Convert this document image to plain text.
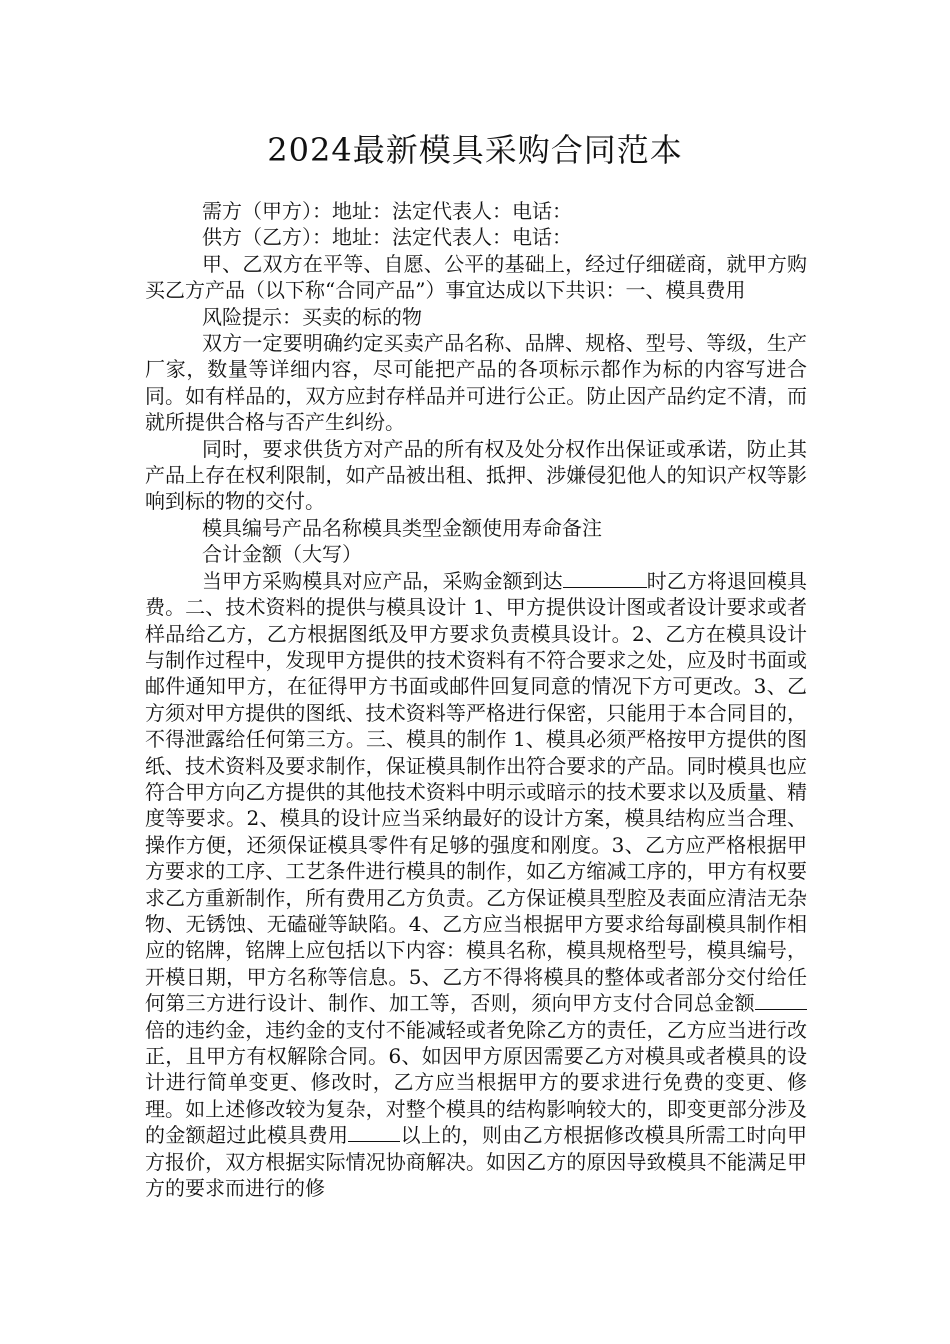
2024最新模具采购合同范本

需方（甲方）：地址：法定代表人：电话：

供方（乙方）：地址：法定代表人：电话：

甲、乙双方在平等、自愿、公平的基础上，经过仔细磋商，就甲方购买乙方产品（以下称“合同产品”）事宜达成以下共识：一、模具费用

风险提示：买卖的标的物

双方一定要明确约定买卖产品名称、品牌、规格、型号、等级，生产厂家，数量等详细内容，尽可能把产品的各项标示都作为标的内容写进合同。如有样品的，双方应封存样品并可进行公正。防止因产品约定不清，而就所提供合格与否产生纠纷。

同时，要求供货方对产品的所有权及处分权作出保证或承诺，防止其产品上存在权利限制，如产品被出租、抵押、涉嫌侵犯他人的知识产权等影响到标的物的交付。

模具编号产品名称模具类型金额使用寿命备注

合计金额（大写）

当甲方采购模具对应产品，采购金额到达	时乙方将退回模具费。二、技术资料的提供与模具设计 1、甲方提供设计图或者设计要求或者样品给乙方，乙方根据图纸及甲方要求负责模具设计。2、乙方在模具设计与制作过程中，发现甲方提供的技术资料有不符合要求之处，应及时书面或邮件通知甲方，在征得甲方书面或邮件回复同意的情况下方可更改。3、乙方须对甲方提供的图纸、技术资料等严格进行保密，只能用于本合同目的，不得泄露给任何第三方。三、模具的制作 1、模具必须严格按甲方提供的图纸、技术资料及要求制作，保证模具制作出符合要求的产品。同时模具也应符合甲方向乙方提供的其他技术资料中明示或暗示的技术要求以及质量、精度等要求。2、模具的设计应当采纳最好的设计方案，模具结构应当合理、操作方便，还须保证模具零件有足够的强度和刚度。3、乙方应严格根据甲方要求的工序、工艺条件进行模具的制作，如乙方缩减工序的，甲方有权要求乙方重新制作，所有费用乙方负责。乙方保证模具型腔及表面应清洁无杂物、无锈蚀、无磕碰等缺陷。4、乙方应当根据甲方要求给每副模具制作相应的铭牌，铭牌上应包括以下内容：模具名称，模具规格型号，模具编号，开模日期，甲方名称等信息。5、乙方不得将模具的整体或者部分交付给任何第三方进行设计、制作、加工等，否则，须向甲方支付合同总金额倍的违约金，违约金的支付不能减轻或者免除乙方的责任，乙方应当进行改正，且甲方有权解除合同。6、如因甲方原因需要乙方对模具或者模具的设计进行简单变更、修改时，乙方应当根据甲方的要求进行免费的变更、修理。如上述修改较为复杂，对整个模具的结构影响较大的，即变更部分涉及的金额超过此模具费用	以上的，则由乙方根据修改模具所需工时向甲方报价，双方根据实际情况协商解决。如因乙方的原因导致模具不能满足甲方的要求而进行的修
